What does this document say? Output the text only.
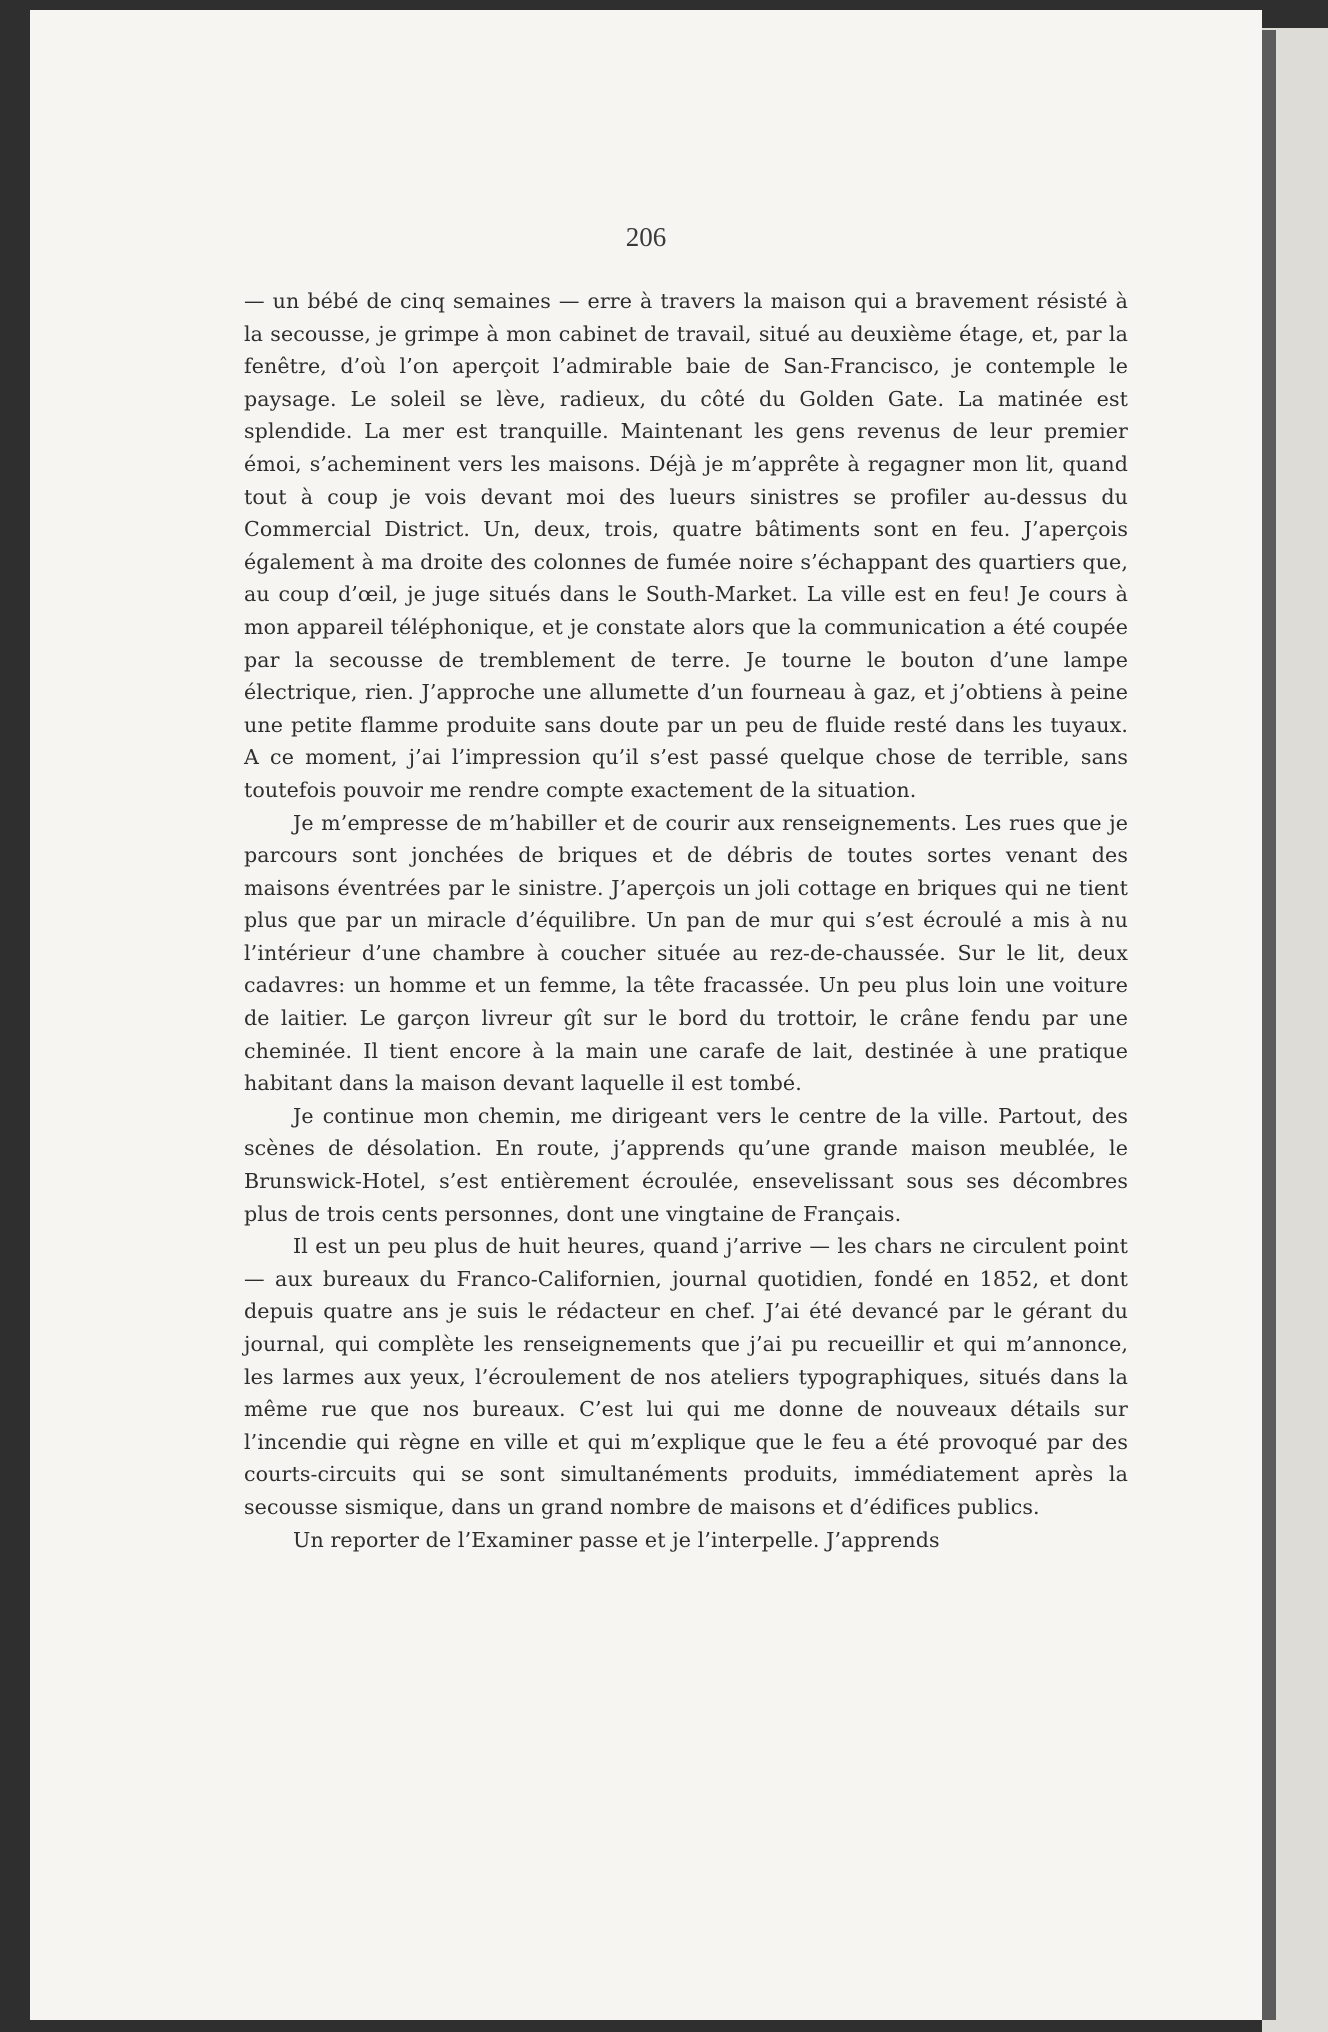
206

— un bébé de cinq semaines — erre à travers la maison qui a bravement résisté à la secousse, je grimpe à mon cabinet de travail, situé au deuxième étage, et, par la fenêtre, d’où l’on aperçoit l’admirable baie de San-Francisco, je contemple le paysage. Le soleil se lève, radieux, du côté du Golden Gate. La matinée est splendide. La mer est tranquille. Maintenant les gens revenus de leur premier émoi, s’acheminent vers les maisons. Déjà je m’apprête à regagner mon lit, quand tout à coup je vois devant moi des lueurs sinistres se profiler au-dessus du Commercial District. Un, deux, trois, quatre bâtiments sont en feu. J’aperçois également à ma droite des colonnes de fumée noire s’échappant des quartiers que, au coup d’œil, je juge situés dans le South-Market. La ville est en feu! Je cours à mon appareil téléphonique, et je constate alors que la communication a été coupée par la secousse de tremblement de terre. Je tourne le bouton d’une lampe électrique, rien. J’approche une allumette d’un fourneau à gaz, et j’obtiens à peine une petite flamme produite sans doute par un peu de fluide resté dans les tuyaux. A ce moment, j’ai l’impression qu’il s’est passé quelque chose de terrible, sans toutefois pouvoir me rendre compte exactement de la situation.

Je m’empresse de m’habiller et de courir aux renseignements. Les rues que je parcours sont jonchées de briques et de débris de toutes sortes venant des maisons éventrées par le sinistre. J’aperçois un joli cottage en briques qui ne tient plus que par un miracle d’équilibre. Un pan de mur qui s’est écroulé a mis à nu l’intérieur d’une chambre à coucher située au rez-de-chaussée. Sur le lit, deux cadavres: un homme et un femme, la tête fracassée. Un peu plus loin une voiture de laitier. Le garçon livreur gît sur le bord du trottoir, le crâne fendu par une cheminée. Il tient encore à la main une carafe de lait, destinée à une pratique habitant dans la maison devant laquelle il est tombé.

Je continue mon chemin, me dirigeant vers le centre de la ville. Partout, des scènes de désolation. En route, j’apprends qu’une grande maison meublée, le Brunswick-Hotel, s’est entièrement écroulée, ensevelissant sous ses décombres plus de trois cents personnes, dont une vingtaine de Français.

Il est un peu plus de huit heures, quand j’arrive — les chars ne circulent point — aux bureaux du Franco-Californien, journal quotidien, fondé en 1852, et dont depuis quatre ans je suis le rédacteur en chef. J’ai été devancé par le gérant du journal, qui complète les renseignements que j’ai pu recueillir et qui m’annonce, les larmes aux yeux, l’écroulement de nos ateliers typographiques, situés dans la même rue que nos bureaux. C’est lui qui me donne de nouveaux détails sur l’incendie qui règne en ville et qui m’explique que le feu a été provoqué par des courts-circuits qui se sont simultanéments produits, immédiatement après la secousse sismique, dans un grand nombre de maisons et d’édifices publics.

Un reporter de l’Examiner passe et je l’interpelle. J’apprends
